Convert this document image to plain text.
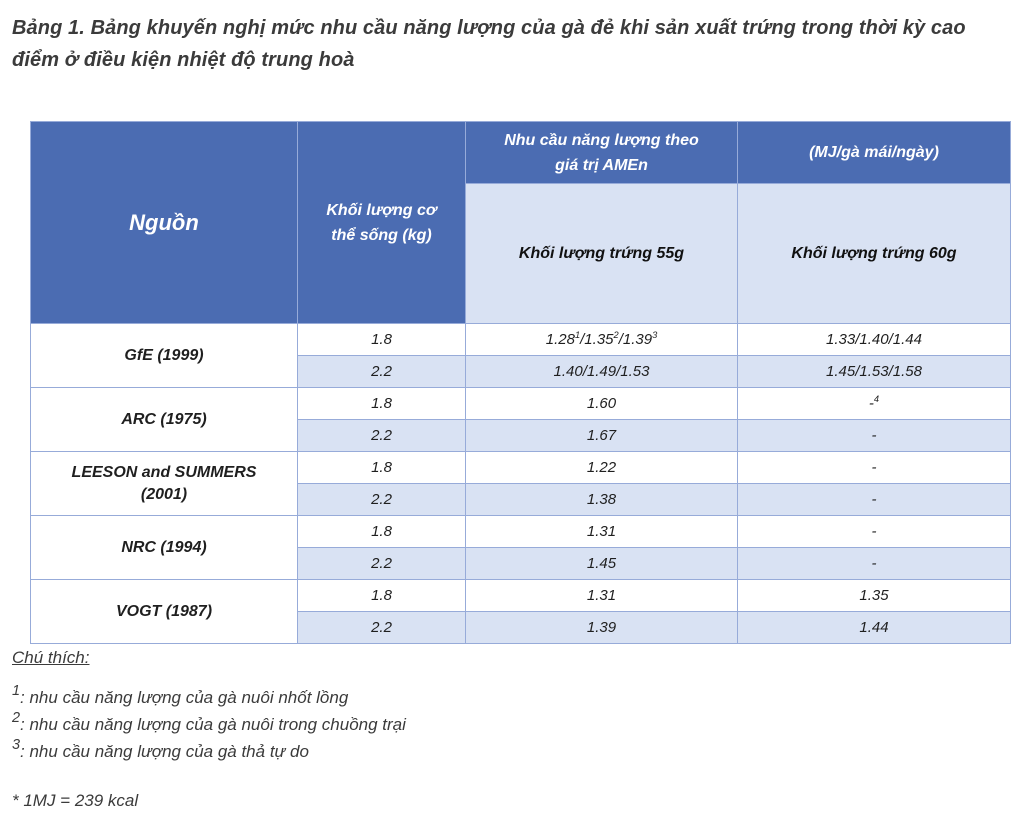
Bảng 1. Bảng khuyến nghị mức nhu cầu năng lượng của gà đẻ khi sản xuất trứng trong thời kỳ cao điểm ở điều kiện nhiệt độ trung hoà
Nguồn	Khối lượng cơ thể sống (kg)	Nhu cầu năng lượng theo giá trị AMEn	(MJ/gà mái/ngày)
		Khối lượng trứng 55g	Khối lượng trứng 60g
GfE (1999)	1.8	1.28$^1$/1.35$^2$/1.39$^3$	1.33/1.40/1.44
	2.2	1.40/1.49/1.53	1.45/1.53/1.58
ARC (1975)	1.8	1.60	-$^4$
	2.2	1.67	-
LEESON and SUMMERS (2001)	1.8	1.22	-
	2.2	1.38	-
NRC (1994)	1.8	1.31	-
	2.2	1.45	-
VOGT (1987)	1.8	1.31	1.35
	2.2	1.39	1.44

Chú thích:

$^1$: nhu cầu năng lượng của gà nuôi nhốt lồng

$^2$: nhu cầu năng lượng của gà nuôi trong chuồng trại

$^3$: nhu cầu năng lượng của gà thả tự do

* 1MJ = 239 kcal
